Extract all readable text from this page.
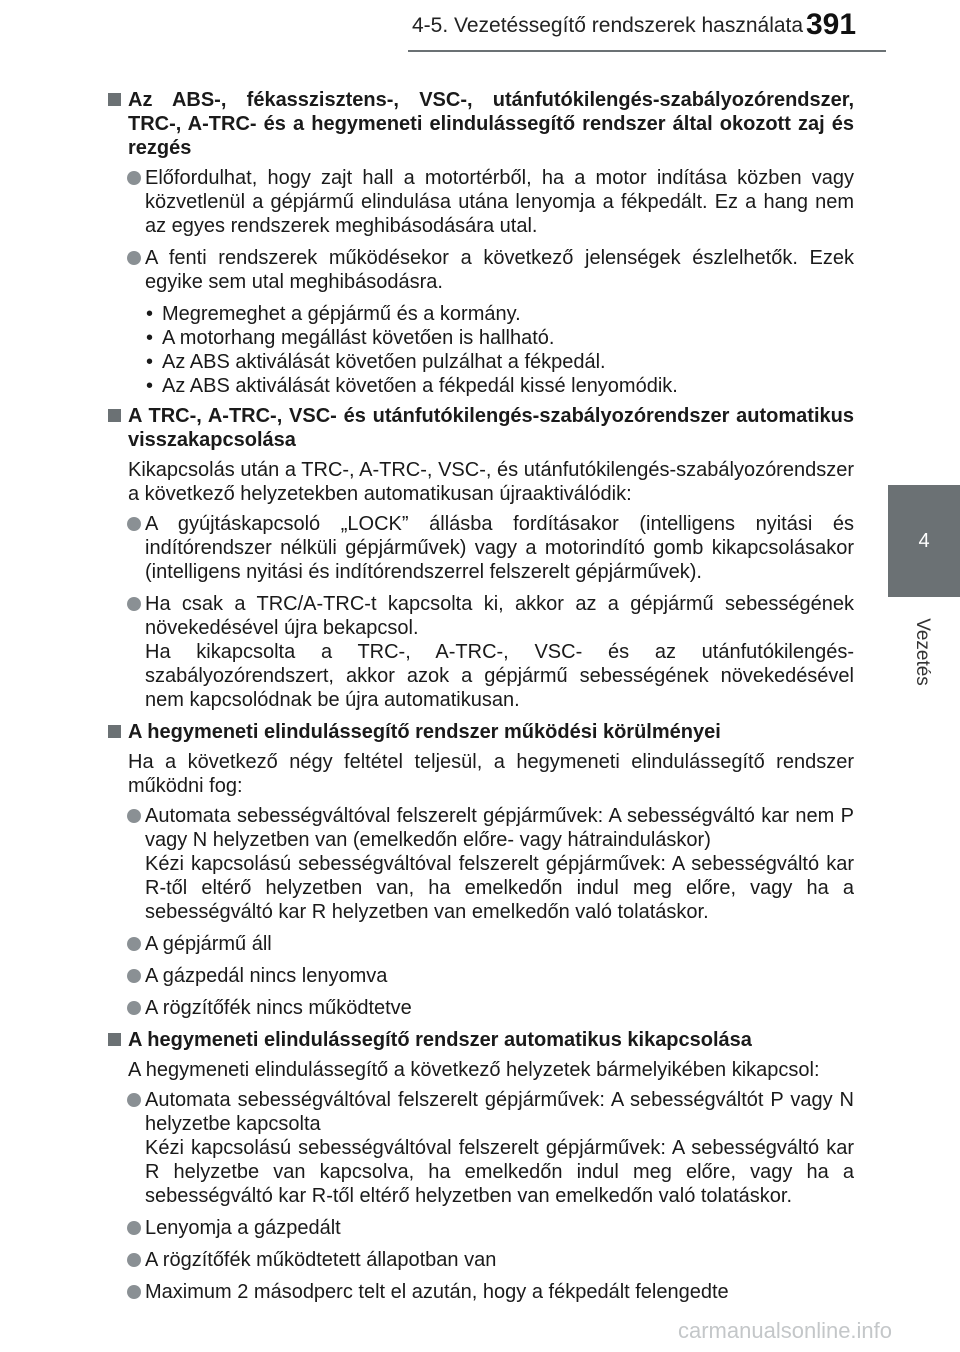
4-5. Vezetéssegítő rendszerek használata 391
4
Vezetés
Az ABS-, fékasszisztens-, VSC-, utánfutókilengés-szabályozórendszer, TRC-, A-TRC- és a hegymeneti elindulássegítő rendszer által okozott zaj és rezgés
Előfordulhat, hogy zajt hall a motortérből, ha a motor indítása közben vagy közvetlenül a gépjármű elindulása utána lenyomja a fékpedált. Ez a hang nem az egyes rendszerek meghibásodására utal.
A fenti rendszerek működésekor a következő jelenségek észlelhetők. Ezek egyike sem utal meghibásodásra.
• Megremeghet a gépjármű és a kormány.
• A motorhang megállást követően is hallható.
• Az ABS aktiválását követően pulzálhat a fékpedál.
• Az ABS aktiválását követően a fékpedál kissé lenyomódik.
A TRC-, A-TRC-, VSC- és utánfutókilengés-szabályozórendszer automatikus visszakapcsolása
Kikapcsolás után a TRC-, A-TRC-, VSC-, és utánfutókilengés-szabályozórendszer a következő helyzetekben automatikusan újraaktiválódik:
A gyújtáskapcsoló „LOCK” állásba fordításakor (intelligens nyitási és indítórendszer nélküli gépjárművek) vagy a motorindító gomb kikapcsolásakor (intelligens nyitási és indítórendszerrel felszerelt gépjárművek).
Ha csak a TRC/A-TRC-t kapcsolta ki, akkor az a gépjármű sebességének növekedésével újra bekapcsol.
Ha kikapcsolta a TRC-, A-TRC-, VSC- és az utánfutókilengés-szabályozórendszert, akkor azok a gépjármű sebességének növekedésével nem kapcsolódnak be újra automatikusan.
A hegymeneti elindulássegítő rendszer működési körülményei
Ha a következő négy feltétel teljesül, a hegymeneti elindulássegítő rendszer működni fog:
Automata sebességváltóval felszerelt gépjárművek: A sebességváltó kar nem P vagy N helyzetben van (emelkedőn előre- vagy hátrainduláskor)
Kézi kapcsolású sebességváltóval felszerelt gépjárművek: A sebességváltó kar R-től eltérő helyzetben van, ha emelkedőn indul meg előre, vagy ha a sebességváltó kar R helyzetben van emelkedőn való tolatáskor.
A gépjármű áll
A gázpedál nincs lenyomva
A rögzítőfék nincs működtetve
A hegymeneti elindulássegítő rendszer automatikus kikapcsolása
A hegymeneti elindulássegítő a következő helyzetek bármelyikében kikapcsol:
Automata sebességváltóval felszerelt gépjárművek: A sebességváltót P vagy N helyzetbe kapcsolta
Kézi kapcsolású sebességváltóval felszerelt gépjárművek: A sebességváltó kar R helyzetbe van kapcsolva, ha emelkedőn indul meg előre, vagy ha a sebességváltó kar R-től eltérő helyzetben van emelkedőn való tolatáskor.
Lenyomja a gázpedált
A rögzítőfék működtetett állapotban van
Maximum 2 másodperc telt el azután, hogy a fékpedált felengedte
carmanualsonline.info
